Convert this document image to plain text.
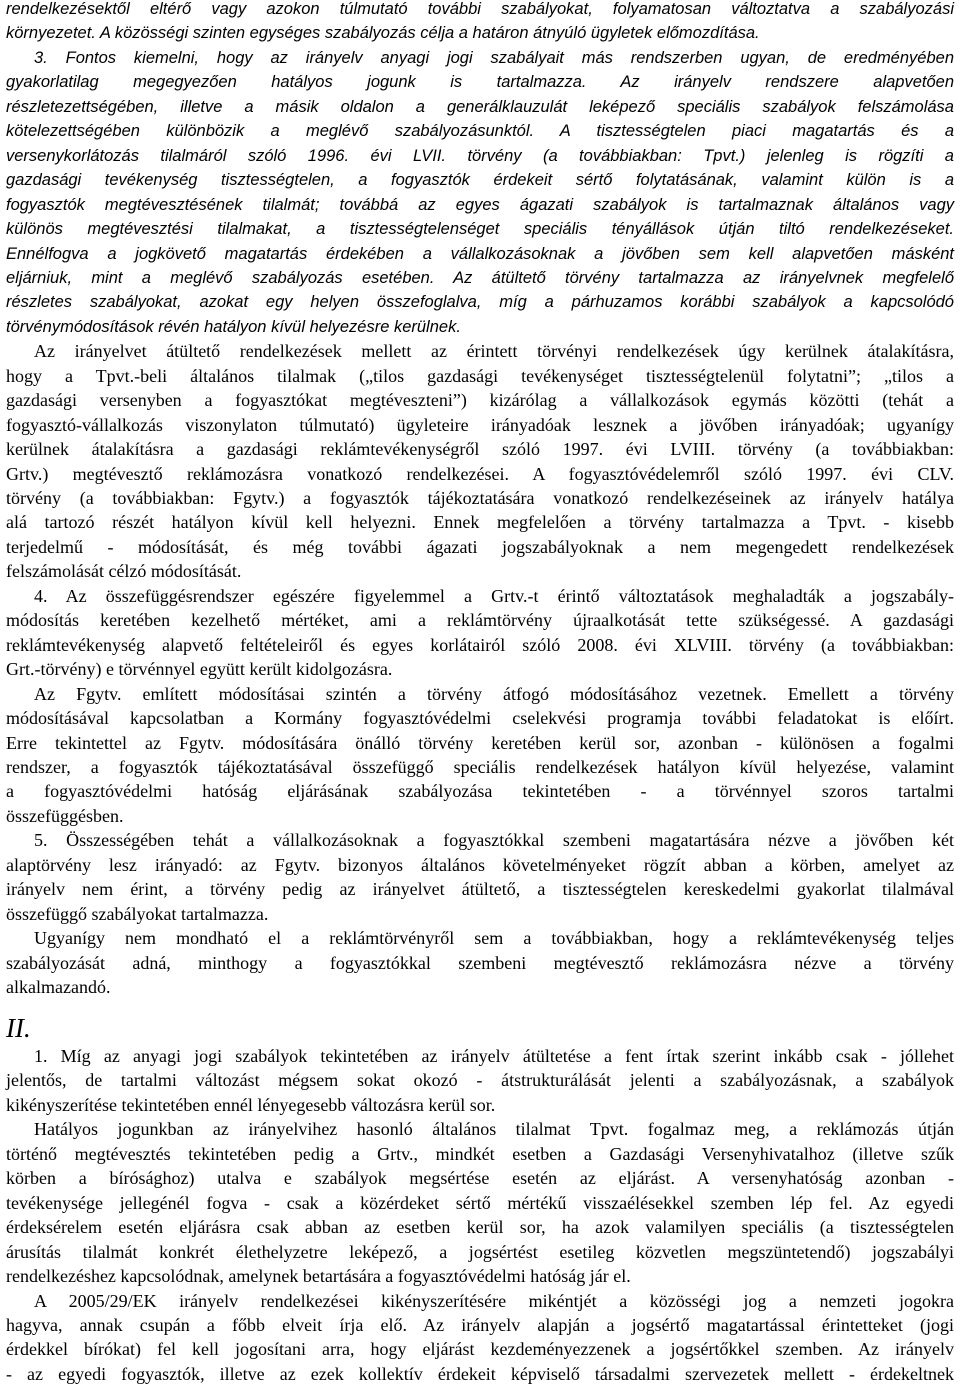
rendelkezésektől eltérő vagy azokon túlmutató további szabályokat, folyamatosan változtatva a szabályozási
környezetet. A közösségi szinten egységes szabályozás célja a határon átnyúló ügyletek előmozdítása.
3. Fontos kiemelni, hogy az irányelv anyagi jogi szabályait más rendszerben ugyan, de eredményében
gyakorlatilag megegyezően hatályos jogunk is tartalmazza. Az irányelv rendszere alapvetően
részletezettségében, illetve a másik oldalon a generálklauzulát leképező speciális szabályok felszámolása
kötelezettségében különbözik a meglévő szabályozásunktól. A tisztességtelen piaci magatartás és a
versenykorlátozás tilalmáról szóló 1996. évi LVII. törvény (a továbbiakban: Tpvt.) jelenleg is rögzíti a
gazdasági tevékenység tisztességtelen, a fogyasztók érdekeit sértő folytatásának, valamint külön is a
fogyasztók megtévesztésének tilalmát; továbbá az egyes ágazati szabályok is tartalmaznak általános vagy
különös megtévesztési tilalmakat, a tisztességtelenséget speciális tényállások útján tiltó rendelkezéseket.
Ennélfogva a jogkövető magatartás érdekében a vállalkozásoknak a jövőben sem kell alapvetően másként
eljárniuk, mint a meglévő szabályozás esetében. Az átültető törvény tartalmazza az irányelvnek megfelelő
részletes szabályokat, azokat egy helyen összefoglalva, míg a párhuzamos korábbi szabályok a kapcsolódó
törvénymódosítások révén hatályon kívül helyezésre kerülnek.
Az irányelvet átültető rendelkezések mellett az érintett törvényi rendelkezések úgy kerülnek átalakításra,
hogy a Tpvt.-beli általános tilalmak („tilos gazdasági tevékenységet tisztességtelenül folytatni”; „tilos a
gazdasági versenyben a fogyasztókat megtéveszteni”) kizárólag a vállalkozások egymás közötti (tehát a
fogyasztó-vállalkozás viszonylaton túlmutató) ügyleteire irányadóak lesznek a jövőben irányadóak; ugyanígy
kerülnek átalakításra a gazdasági reklámtevékenységről szóló 1997. évi LVIII. törvény (a továbbiakban:
Grtv.) megtévesztő reklámozásra vonatkozó rendelkezései. A fogyasztóvédelemről szóló 1997. évi CLV.
törvény (a továbbiakban: Fgytv.) a fogyasztók tájékoztatására vonatkozó rendelkezéseinek az irányelv hatálya
alá tartozó részét hatályon kívül kell helyezni. Ennek megfelelően a törvény tartalmazza a Tpvt. - kisebb
terjedelmű - módosítását, és még további ágazati jogszabályoknak a nem megengedett rendelkezések
felszámolását célzó módosítását.
4. Az összefüggésrendszer egészére figyelemmel a Grtv.-t érintő változtatások meghaladták a jogszabály-
módosítás keretében kezelhető mértéket, ami a reklámtörvény újraalkotását tette szükségessé. A gazdasági
reklámtevékenység alapvető feltételeiről és egyes korlátairól szóló 2008. évi XLVIII. törvény (a továbbiakban:
Grt.-törvény) e törvénnyel együtt került kidolgozásra.
Az Fgytv. említett módosításai szintén a törvény átfogó módosításához vezetnek. Emellett a törvény
módosításával kapcsolatban a Kormány fogyasztóvédelmi cselekvési programja további feladatokat is előírt.
Erre tekintettel az Fgytv. módosítására önálló törvény keretében kerül sor, azonban - különösen a fogalmi
rendszer, a fogyasztók tájékoztatásával összefüggő speciális rendelkezések hatályon kívül helyezése, valamint
a fogyasztóvédelmi hatóság eljárásának szabályozása tekintetében - a törvénnyel szoros tartalmi
összefüggésben.
5. Összességében tehát a vállalkozásoknak a fogyasztókkal szembeni magatartására nézve a jövőben két
alaptörvény lesz irányadó: az Fgytv. bizonyos általános követelményeket rögzít abban a körben, amelyet az
irányelv nem érint, a törvény pedig az irányelvet átültető, a tisztességtelen kereskedelmi gyakorlat tilalmával
összefüggő szabályokat tartalmazza.
Ugyanígy nem mondható el a reklámtörvényről sem a továbbiakban, hogy a reklámtevékenység teljes
szabályozását adná, minthogy a fogyasztókkal szembeni megtévesztő reklámozásra nézve a törvény
alkalmazandó.
II.
1. Míg az anyagi jogi szabályok tekintetében az irányelv átültetése a fent írtak szerint inkább csak - jóllehet
jelentős, de tartalmi változást mégsem sokat okozó - átstrukturálását jelenti a szabályozásnak, a szabályok
kikényszerítése tekintetében ennél lényegesebb változásra kerül sor.
Hatályos jogunkban az irányelvihez hasonló általános tilalmat Tpvt. fogalmaz meg, a reklámozás útján
történő megtévesztés tekintetében pedig a Grtv., mindkét esetben a Gazdasági Versenyhivatalhoz (illetve szűk
körben a bírósághoz) utalva e szabályok megsértése esetén az eljárást. A versenyhatóság azonban -
tevékenysége jellegénél fogva - csak a közérdeket sértő mértékű visszaélésekkel szemben lép fel. Az egyedi
érdeksérelem esetén eljárásra csak abban az esetben kerül sor, ha azok valamilyen speciális (a tisztességtelen
árusítás tilalmát konkrét élethelyzetre leképező, a jogsértést esetileg közvetlen megszüntetendő) jogszabályi
rendelkezéshez kapcsolódnak, amelynek betartására a fogyasztóvédelmi hatóság jár el.
A 2005/29/EK irányelv rendelkezései kikényszerítésére mikéntjét a közösségi jog a nemzeti jogokra
hagyva, annak csupán a főbb elveit írja elő. Az irányelv alapján a jogsértő magatartással érintetteket (jogi
érdekkel bírókat) fel kell jogosítani arra, hogy eljárást kezdeményezzenek a jogsértőkkel szemben. Az irányelv
- az egyedi fogyasztók, illetve az ezek kollektív érdekeit képviselő társadalmi szervezetek mellett - érdekeltnek
